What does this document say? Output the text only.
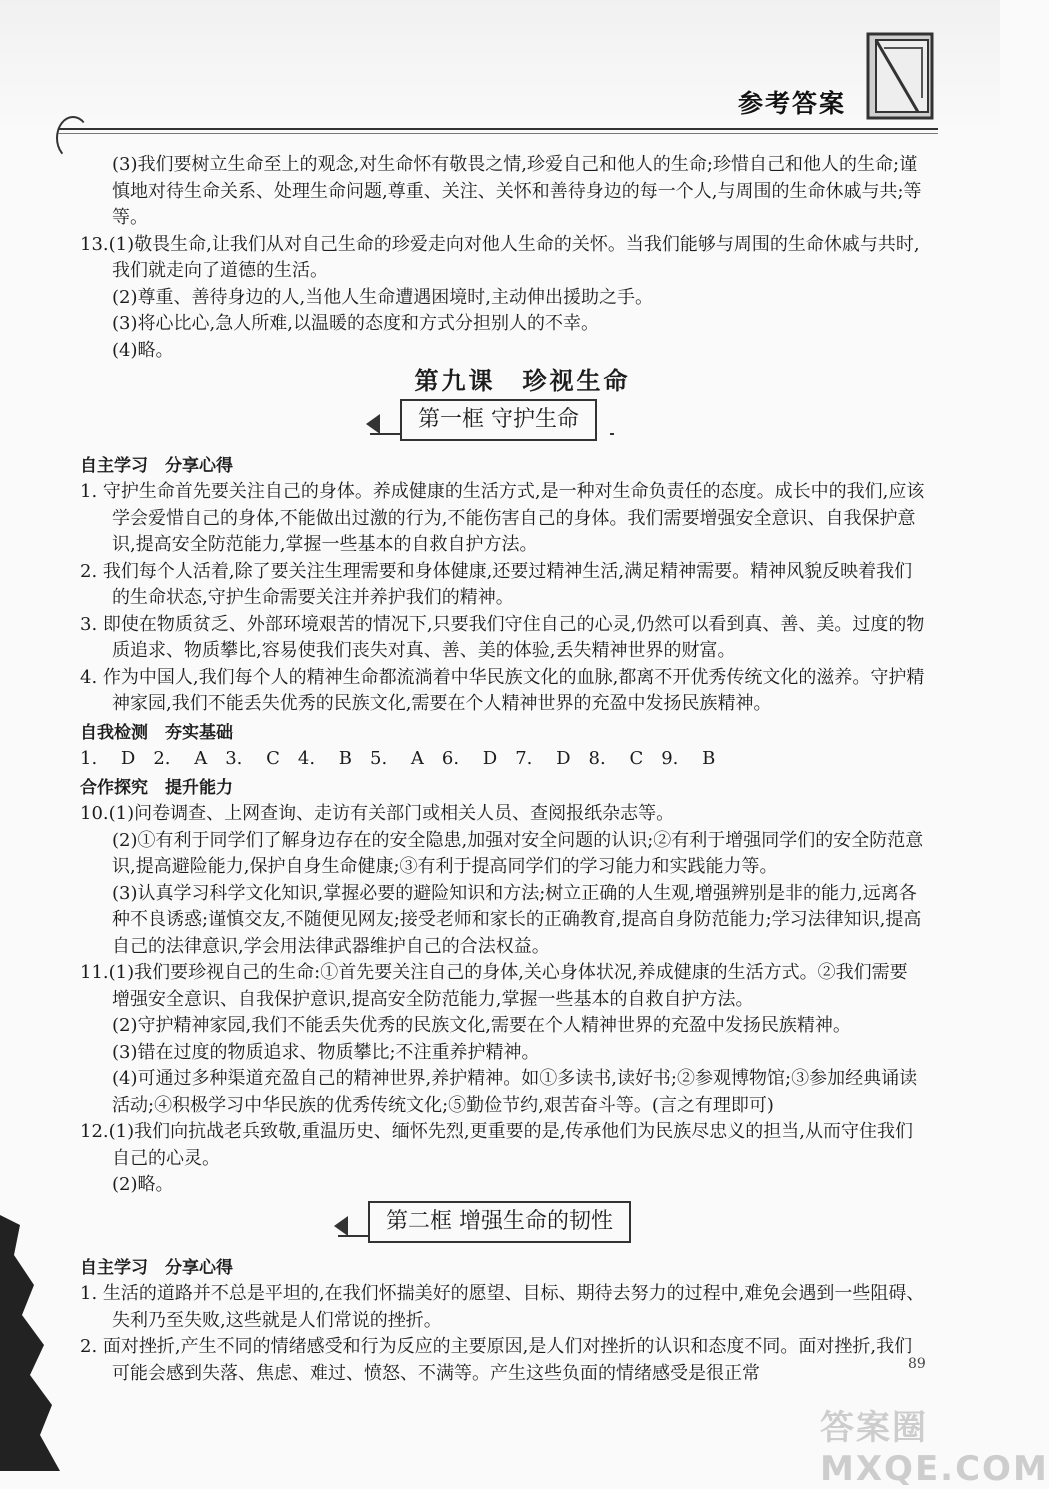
参考答案

(3)我们要树立生命至上的观念,对生命怀有敬畏之情,珍爱自己和他人的生命;珍惜自己和他人的生命;谨慎地对待生命关系、处理生命问题,尊重、关注、关怀和善待身边的每一个人,与周围的生命休戚与共;等等。

13.(1)敬畏生命,让我们从对自己生命的珍爱走向对他人生命的关怀。当我们能够与周围的生命休戚与共时,我们就走向了道德的生活。

(2)尊重、善待身边的人,当他人生命遭遇困境时,主动伸出援助之手。

(3)将心比心,急人所难,以温暖的态度和方式分担别人的不幸。

(4)略。

第九课　珍视生命
第一框 守护生命
自主学习　分享心得

1. 守护生命首先要关注自己的身体。养成健康的生活方式,是一种对生命负责任的态度。成长中的我们,应该学会爱惜自己的身体,不能做出过激的行为,不能伤害自己的身体。我们需要增强安全意识、自我保护意识,提高安全防范能力,掌握一些基本的自救自护方法。

2. 我们每个人活着,除了要关注生理需要和身体健康,还要过精神生活,满足精神需要。精神风貌反映着我们的生命状态,守护生命需要关注并养护我们的精神。

3. 即使在物质贫乏、外部环境艰苦的情况下,只要我们守住自己的心灵,仍然可以看到真、善、美。过度的物质追求、物质攀比,容易使我们丧失对真、善、美的体验,丢失精神世界的财富。

4. 作为中国人,我们每个人的精神生命都流淌着中华民族文化的血脉,都离不开优秀传统文化的滋养。守护精神家园,我们不能丢失优秀的民族文化,需要在个人精神世界的充盈中发扬民族精神。

自我检测　夯实基础

1. D　2. A　3. C　4. B　5. A　6. D　7. D　8. C　9. B

合作探究　提升能力

10.(1)问卷调查、上网查询、走访有关部门或相关人员、查阅报纸杂志等。

(2)①有利于同学们了解身边存在的安全隐患,加强对安全问题的认识;②有利于增强同学们的安全防范意识,提高避险能力,保护自身生命健康;③有利于提高同学们的学习能力和实践能力等。

(3)认真学习科学文化知识,掌握必要的避险知识和方法;树立正确的人生观,增强辨别是非的能力,远离各种不良诱惑;谨慎交友,不随便见网友;接受老师和家长的正确教育,提高自身防范能力;学习法律知识,提高自己的法律意识,学会用法律武器维护自己的合法权益。

11.(1)我们要珍视自己的生命:①首先要关注自己的身体,关心身体状况,养成健康的生活方式。②我们需要增强安全意识、自我保护意识,提高安全防范能力,掌握一些基本的自救自护方法。

(2)守护精神家园,我们不能丢失优秀的民族文化,需要在个人精神世界的充盈中发扬民族精神。

(3)错在过度的物质追求、物质攀比;不注重养护精神。

(4)可通过多种渠道充盈自己的精神世界,养护精神。如①多读书,读好书;②参观博物馆;③参加经典诵读活动;④积极学习中华民族的优秀传统文化;⑤勤俭节约,艰苦奋斗等。(言之有理即可)

12.(1)我们向抗战老兵致敬,重温历史、缅怀先烈,更重要的是,传承他们为民族尽忠义的担当,从而守住我们自己的心灵。

(2)略。

第二框 增强生命的韧性
自主学习　分享心得

1. 生活的道路并不总是平坦的,在我们怀揣美好的愿望、目标、期待去努力的过程中,难免会遇到一些阻碍、失利乃至失败,这些就是人们常说的挫折。

2. 面对挫折,产生不同的情绪感受和行为反应的主要原因,是人们对挫折的认识和态度不同。面对挫折,我们可能会感到失落、焦虑、难过、愤怒、不满等。产生这些负面的情绪感受是很正常	89
答案圈 MXQE.COM
